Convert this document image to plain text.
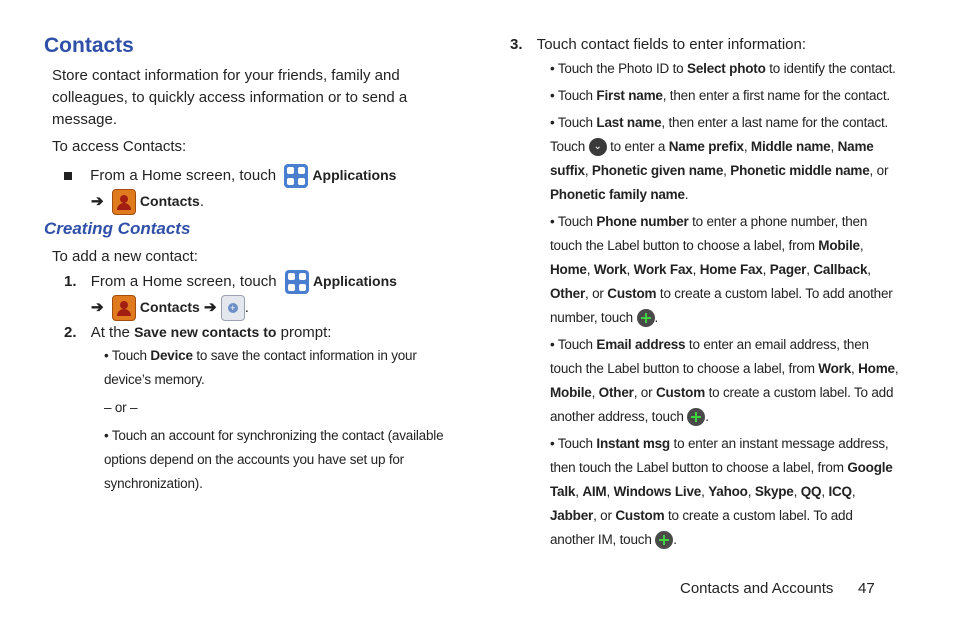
Contacts
Store contact information for your friends, family and colleagues, to quickly access information or to send a message.
To access Contacts:
From a Home screen, touch	Applications
➔	Contacts.
Creating Contacts
To add a new contact:
1. From a Home screen, touch	Applications
➔	Contacts ➔ + .
2. At the Save new contacts to prompt:
• Touch Device to save the contact information in your device’s memory.
– or –
• Touch an account for synchronizing the contact (available options depend on the accounts you have set up for synchronization).
3. Touch contact fields to enter information:
• Touch the Photo ID to Select photo to identify the contact.
• Touch First name, then enter a first name for the contact.
• Touch Last name, then enter a last name for the contact. Touch ⌄ to enter a Name prefix, Middle name, Name suffix, Phonetic given name, Phonetic middle name, or Phonetic family name.
• Touch Phone number to enter a phone number, then touch the Label button to choose a label, from Mobile, Home, Work, Work Fax, Home Fax, Pager, Callback, Other, or Custom to create a custom label. To add another number, touch .
• Touch Email address to enter an email address, then touch the Label button to choose a label, from Work, Home, Mobile, Other, or Custom to create a custom label. To add another address, touch .
• Touch Instant msg to enter an instant message address, then touch the Label button to choose a label, from Google Talk, AIM, Windows Live, Yahoo, Skype, QQ, ICQ, Jabber, or Custom to create a custom label. To add another IM, touch .
Contacts and Accounts 47
